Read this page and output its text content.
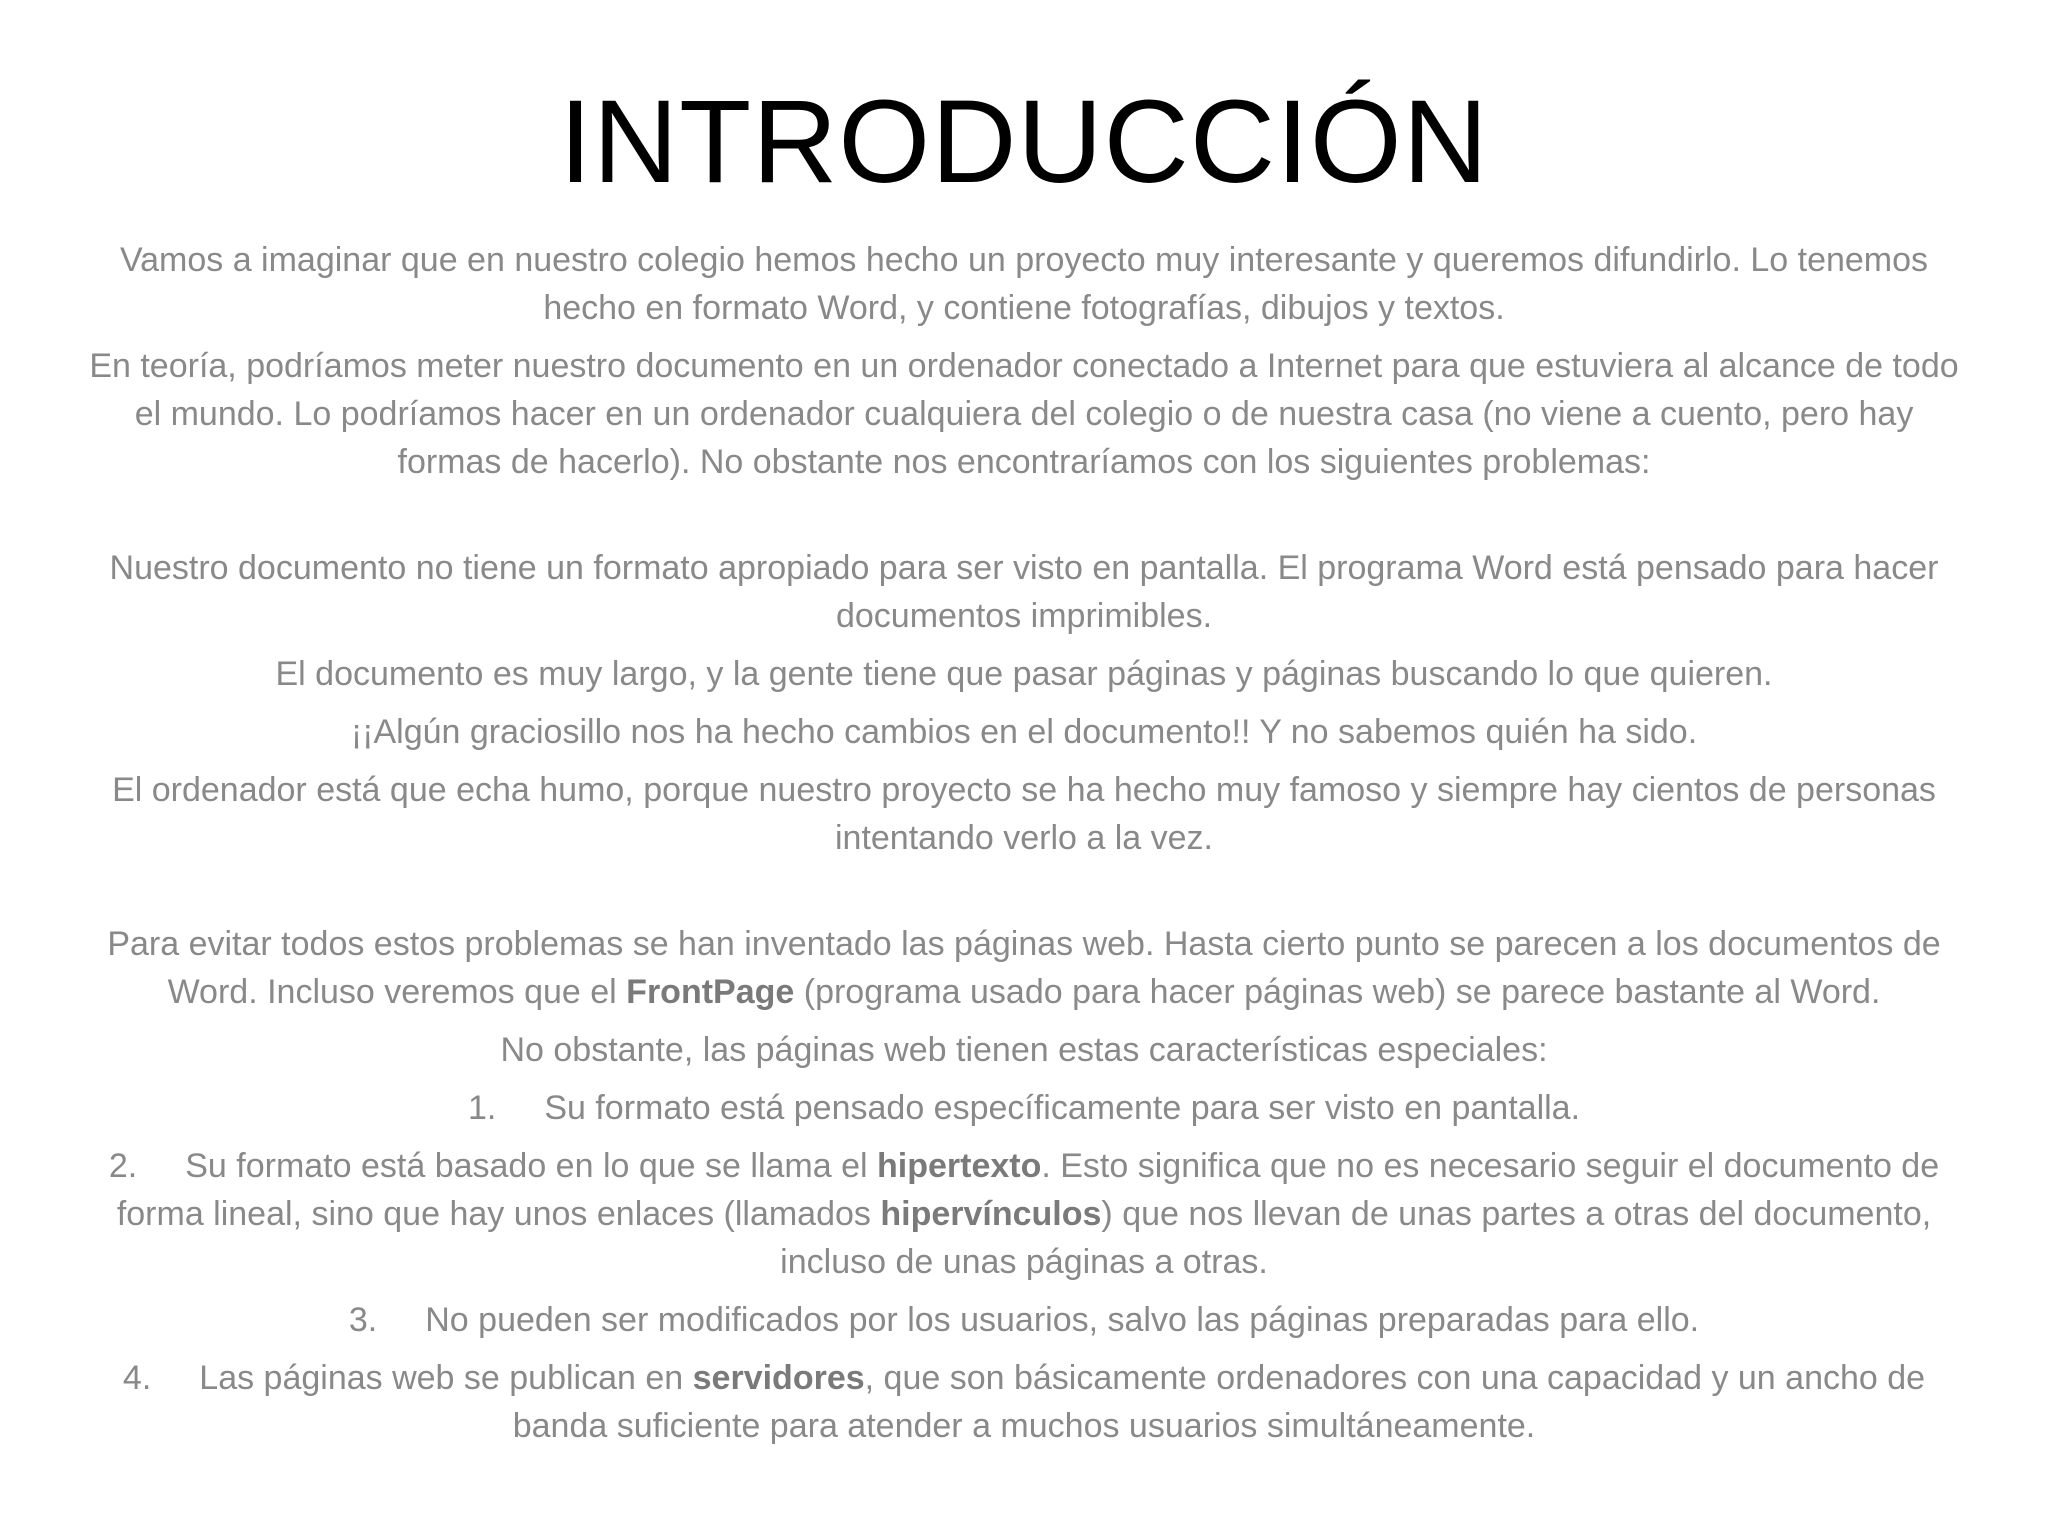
INTRODUCCIÓN

Vamos a imaginar que en nuestro colegio hemos hecho un proyecto muy interesante y queremos difundirlo. Lo tenemos hecho en formato Word, y contiene fotografías, dibujos y textos.

En teoría, podríamos meter nuestro documento en un ordenador conectado a Internet para que estuviera al alcance de todo el mundo. Lo podríamos hacer en un ordenador cualquiera del colegio o de nuestra casa (no viene a cuento, pero hay formas de hacerlo). No obstante nos encontraríamos con los siguientes problemas:

Nuestro documento no tiene un formato apropiado para ser visto en pantalla. El programa Word está pensado para hacer documentos imprimibles.

El documento es muy largo, y la gente tiene que pasar páginas y páginas buscando lo que quieren.

¡¡Algún graciosillo nos ha hecho cambios en el documento!! Y no sabemos quién ha sido.

El ordenador está que echa humo, porque nuestro proyecto se ha hecho muy famoso y siempre hay cientos de personas intentando verlo a la vez.

Para evitar todos estos problemas se han inventado las páginas web. Hasta cierto punto se parecen a los documentos de Word. Incluso veremos que el FrontPage (programa usado para hacer páginas web) se parece bastante al Word.

No obstante, las páginas web tienen estas características especiales:

1. Su formato está pensado específicamente para ser visto en pantalla.

2. Su formato está basado en lo que se llama el hipertexto. Esto significa que no es necesario seguir el documento de forma lineal, sino que hay unos enlaces (llamados hipervínculos) que nos llevan de unas partes a otras del documento, incluso de unas páginas a otras.

3. No pueden ser modificados por los usuarios, salvo las páginas preparadas para ello.

4. Las páginas web se publican en servidores, que son básicamente ordenadores con una capacidad y un ancho de banda suficiente para atender a muchos usuarios simultáneamente.
